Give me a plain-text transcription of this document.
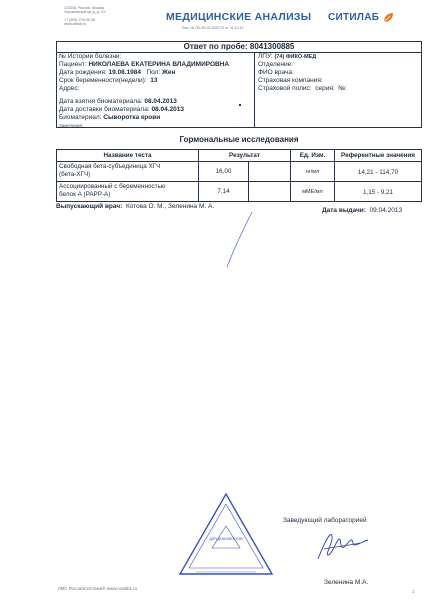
123308, Россия, Москва
Хорошевский пр-д, д. XX
+7 (495) 276-06-06
www.citilab.ru
МЕДИЦИНСКИЕ АНАЛИЗЫ
Лиц. № ЛО-50-01-005774 от 31.10.12
СИТИЛАБ
Ответ по пробе: 8041300885
№ Истории болезни:
Пациент: НИКОЛАЕВА ЕКАТЕРИНА ВЛАДИМИРОВНА
Дата рождения: 19.08.1984 Пол: Жен
Срок беременности(недели): 13
Адрес:
Дата взятия биоматериала: 08.04.2013
Дата доставки биоматериала: 08.04.2013
Биоматериал: Сыворотка крови
Замечания:
ЛПУ: (74) ФИКО-МЕД
Отделение:
ФИО врача:
Страховая компания:
Страховой полис: серия: №:
Гормональные исследования
Название теста	Результат	Ед. Изм.	Референтные значения
Свободная бета-субъединица ХГЧ
(бета-ХГЧ)	16,00	нг/мл	14,21 - 114,70
Ассоциированный с беременностью
белок А (PAPP-A)	7,14	мМЕ/мл	1,15 - 9,21
Выпускающий врач: Котова О. М., Зеленина М. А.
Дата выдачи: 09.04.2013
Заведующий лабораторией
Зеленина М.А.
ДЛЯ ДОКУМЕНТОВ
ЛИС РослабСистема® www.roslabs.ru
1
